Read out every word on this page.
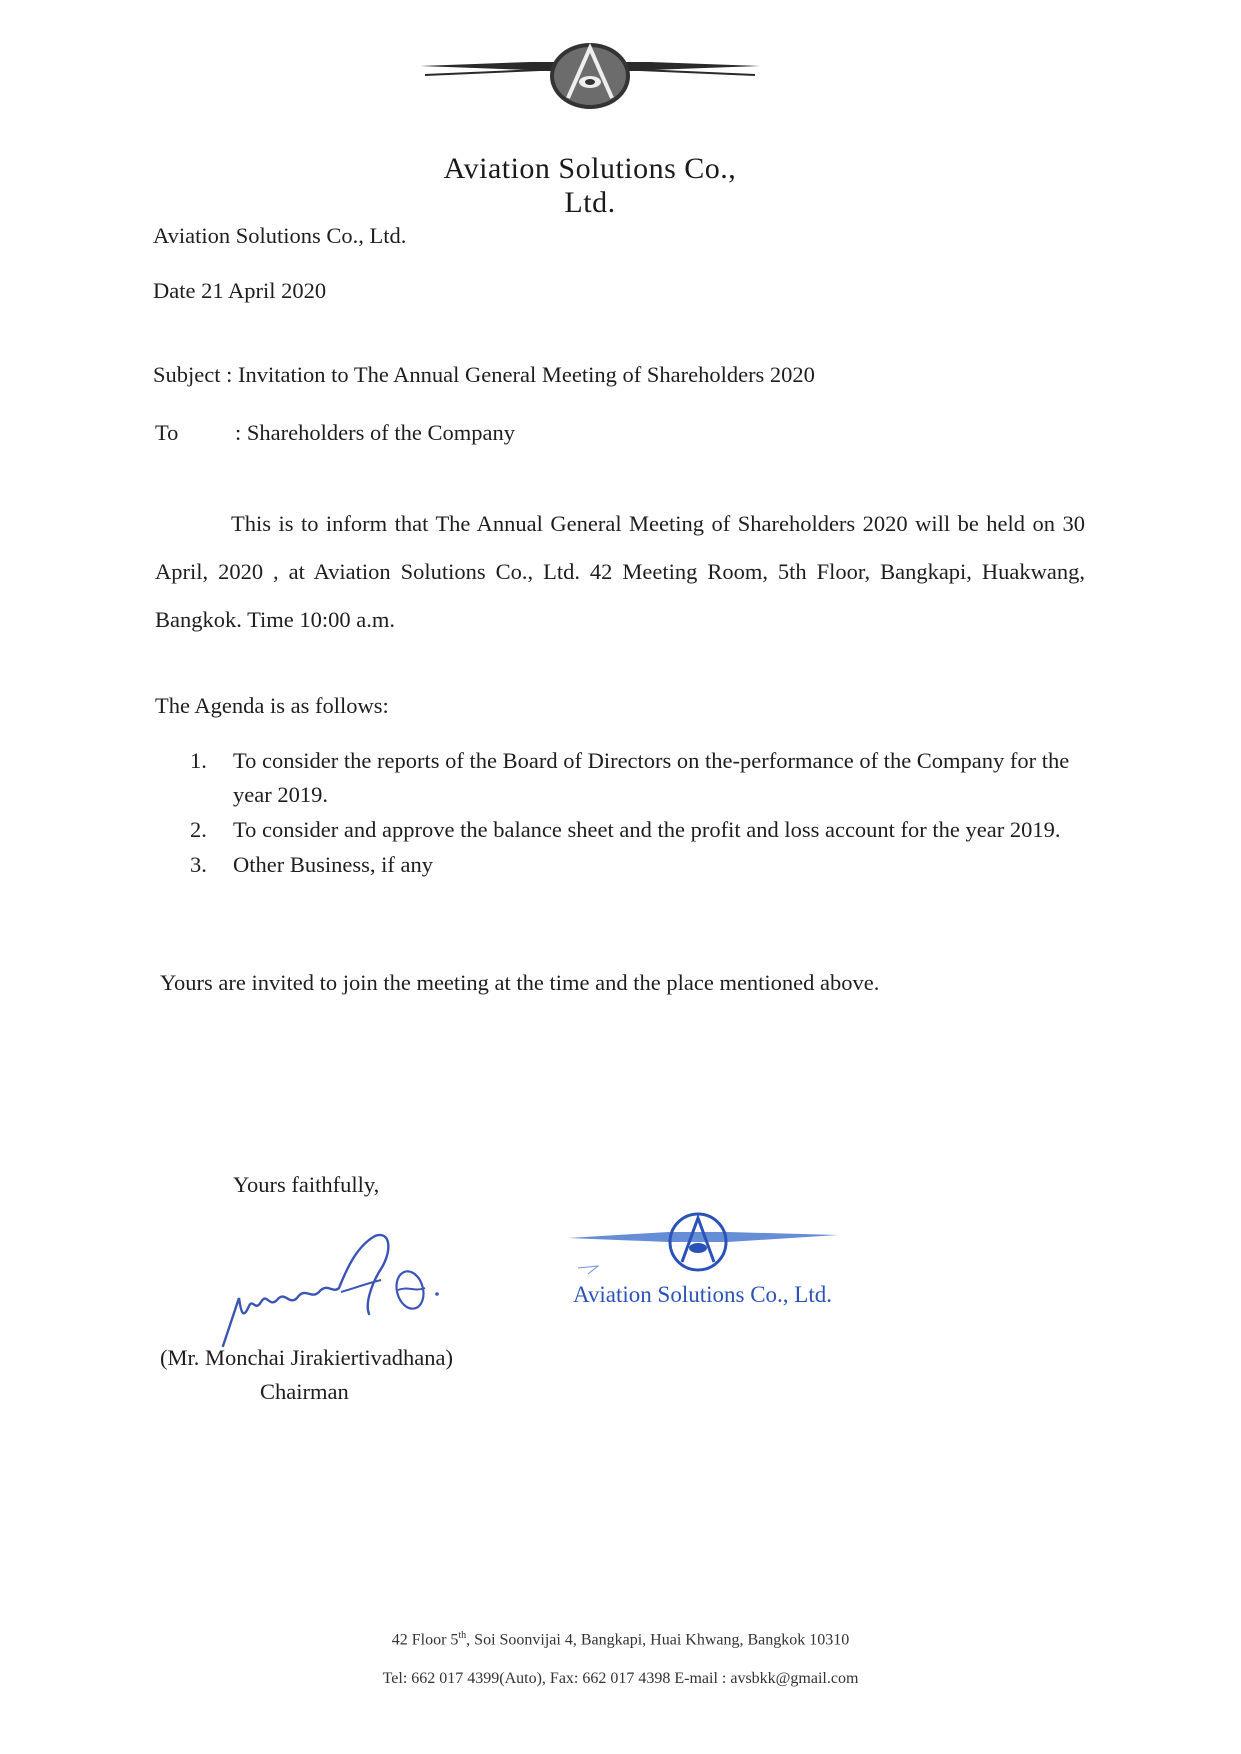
Aviation Solutions Co., Ltd.
Aviation Solutions Co., Ltd.
Date 21 April 2020
Subject : Invitation to The Annual General Meeting of Shareholders 2020
To	: Shareholders of the Company
This is to inform that The Annual General Meeting of Shareholders 2020 will be held on 30 April, 2020 , at Aviation Solutions Co., Ltd. 42 Meeting Room, 5th Floor, Bangkapi, Huakwang, Bangkok. Time 10:00 a.m.
The Agenda is as follows:
1. To consider the reports of the Board of Directors on the-performance of the Company for the year 2019.
2. To consider and approve the balance sheet and the profit and loss account for the year 2019.
3. Other Business, if any
Yours are invited to join the meeting at the time and the place mentioned above.
Yours faithfully,
(Mr. Monchai Jirakiertivadhana)
Chairman
Aviation Solutions Co., Ltd.
42 Floor 5th, Soi Soonvijai 4, Bangkapi, Huai Khwang, Bangkok 10310
Tel: 662 017 4399(Auto), Fax: 662 017 4398 E-mail : avsbkk@gmail.com
